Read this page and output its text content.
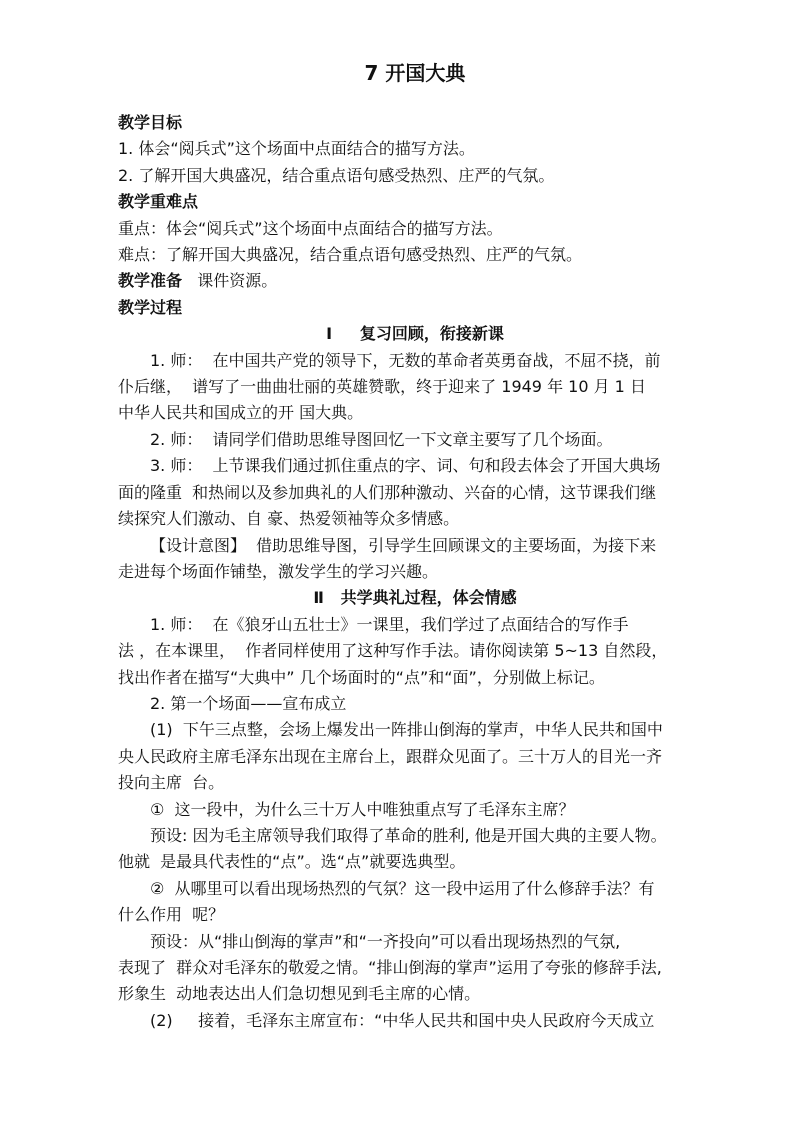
7 开国大典
教学目标
1. 体会“阅兵式”这个场面中点面结合的描写方法。
2. 了解开国大典盛况，结合重点语句感受热烈、庄严的气氛。
教学重难点
重点：体会“阅兵式”这个场面中点面结合的描写方法。
难点：了解开国大典盛况，结合重点语句感受热烈、庄严的气氛。
教学准备   课件资源。
教学过程
Ⅰ     复习回顾，衔接新课
1. 师：  在中国共产党的领导下，无数的革命者英勇奋战，不屈不挠，前
仆后继，  谱写了一曲曲壮丽的英雄赞歌，终于迎来了 1949 年 10 月 1 日
中华人民共和国成立的开 国大典。
2. 师：  请同学们借助思维导图回忆一下文章主要写了几个场面。
3. 师：  上节课我们通过抓住重点的字、词、句和段去体会了开国大典场
面的隆重  和热闹以及参加典礼的人们那种激动、兴奋的心情，这节课我们继
续探究人们激动、自 豪、热爱领袖等众多情感。
【设计意图】  借助思维导图，引导学生回顾课文的主要场面，为接下来
走进每个场面作铺垫，激发学生的学习兴趣。
Ⅱ   共学典礼过程，体会情感
1. 师：  在《狼牙山五壮士》一课里，我们学过了点面结合的写作手
法 ，在本课里，  作者同样使用了这种写作手法。请你阅读第 5~13 自然段，
找出作者在描写“大典中” 几个场面时的“点”和“面”，分别做上标记。
2. 第一个场面——宣布成立
(1)  下午三点整，会场上爆发出一阵排山倒海的掌声，中华人民共和国中
央人民政府主席毛泽东出现在主席台上，跟群众见面了。三十万人的目光一齐
投向主席  台。
①  这一段中，为什么三十万人中唯独重点写了毛泽东主席？
预设: 因为毛主席领导我们取得了革命的胜利, 他是开国大典的主要人物。
他就  是最具代表性的“点”。选“点”就要选典型。
②  从哪里可以看出现场热烈的气氛？这一段中运用了什么修辞手法？有
什么作用  呢？
预设：从“排山倒海的掌声”和“一齐投向”可以看出现场热烈的气氛,
表现了  群众对毛泽东的敬爱之情。“排山倒海的掌声”运用了夸张的修辞手法,
形象生  动地表达出人们急切想见到毛主席的心情。
(2)     接着，毛泽东主席宣布：“中华人民共和国中央人民政府今天成立
